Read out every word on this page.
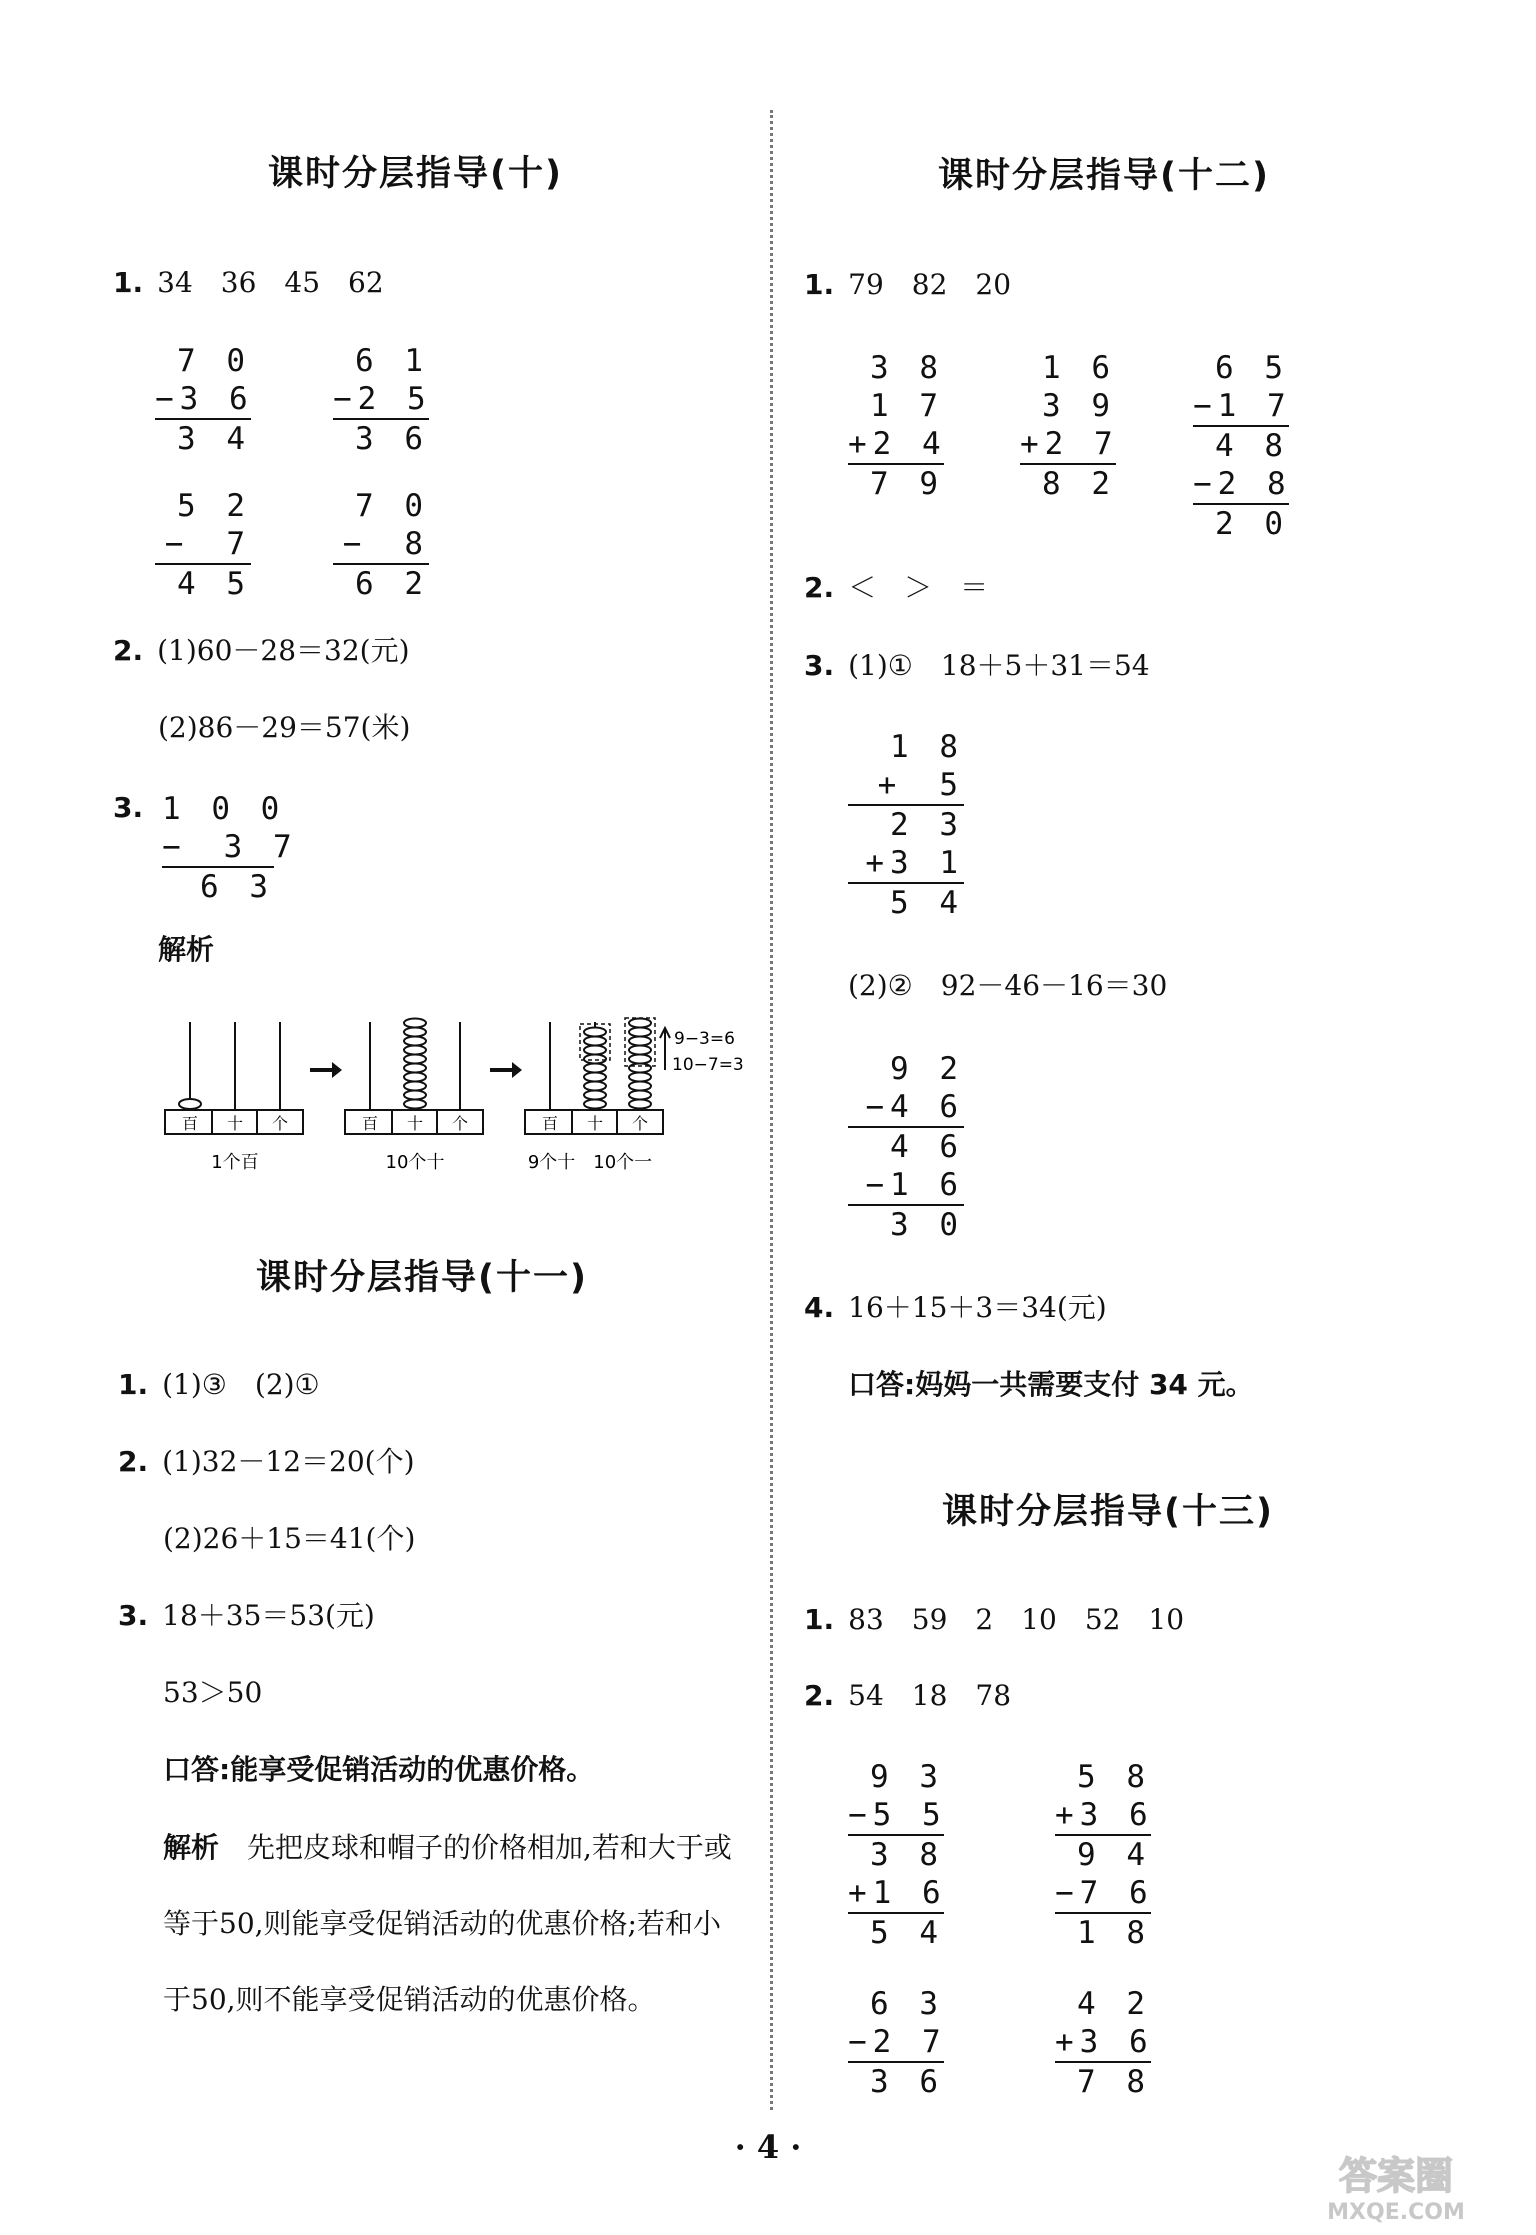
课时分层指导(十)
1. 34　36　45　62
7 0
−3 6
3 4
6 1
−2 5
3 6
5 2
−　7
4 5
7 0
−　8
6 2
2. (1)60－28＝32(元)
(2)86－29＝57(米)
3. 1 0 0
−　3 7
6 3
解析
百 十 个
1个百
百 十 个
10个十
百 十 个
9个十　10个一
9−3=6
10−7=3
课时分层指导(十一)
1. (1)③　(2)①
2. (1)32－12＝20(个)
(2)26＋15＝41(个)
3. 18＋35＝53(元)
53＞50
口答:能享受促销活动的优惠价格。
解析　 先把皮球和帽子的价格相加,若和大于或等于50,则能享受促销活动的优惠价格;若和小于50,则不能享受促销活动的优惠价格。
课时分层指导(十二)
1. 79　82　20
3 8
1 7
+2 4
7 9
1 6
3 9
+2 7
8 2
6 5
−1 7
4 8
−2 8
2 0
2. ＜　＞　＝
3. (1)①　18＋5＋31＝54
1 8
+　5
2 3
+3 1
5 4
(2)②　92－46－16＝30
9 2
−4 6
4 6
−1 6
3 0
4. 16＋15＋3＝34(元)
口答:妈妈一共需要支付 34 元。
课时分层指导(十三)
1. 83　59　2　10　52　10
2. 54　18　78
9 3
−5 5
3 8
+1 6
5 4
5 8
+3 6
9 4
−7 6
1 8
6 3
−2 7
3 6
4 2
+3 6
7 8
· 4 ·
答案圈
MXQE.COM
